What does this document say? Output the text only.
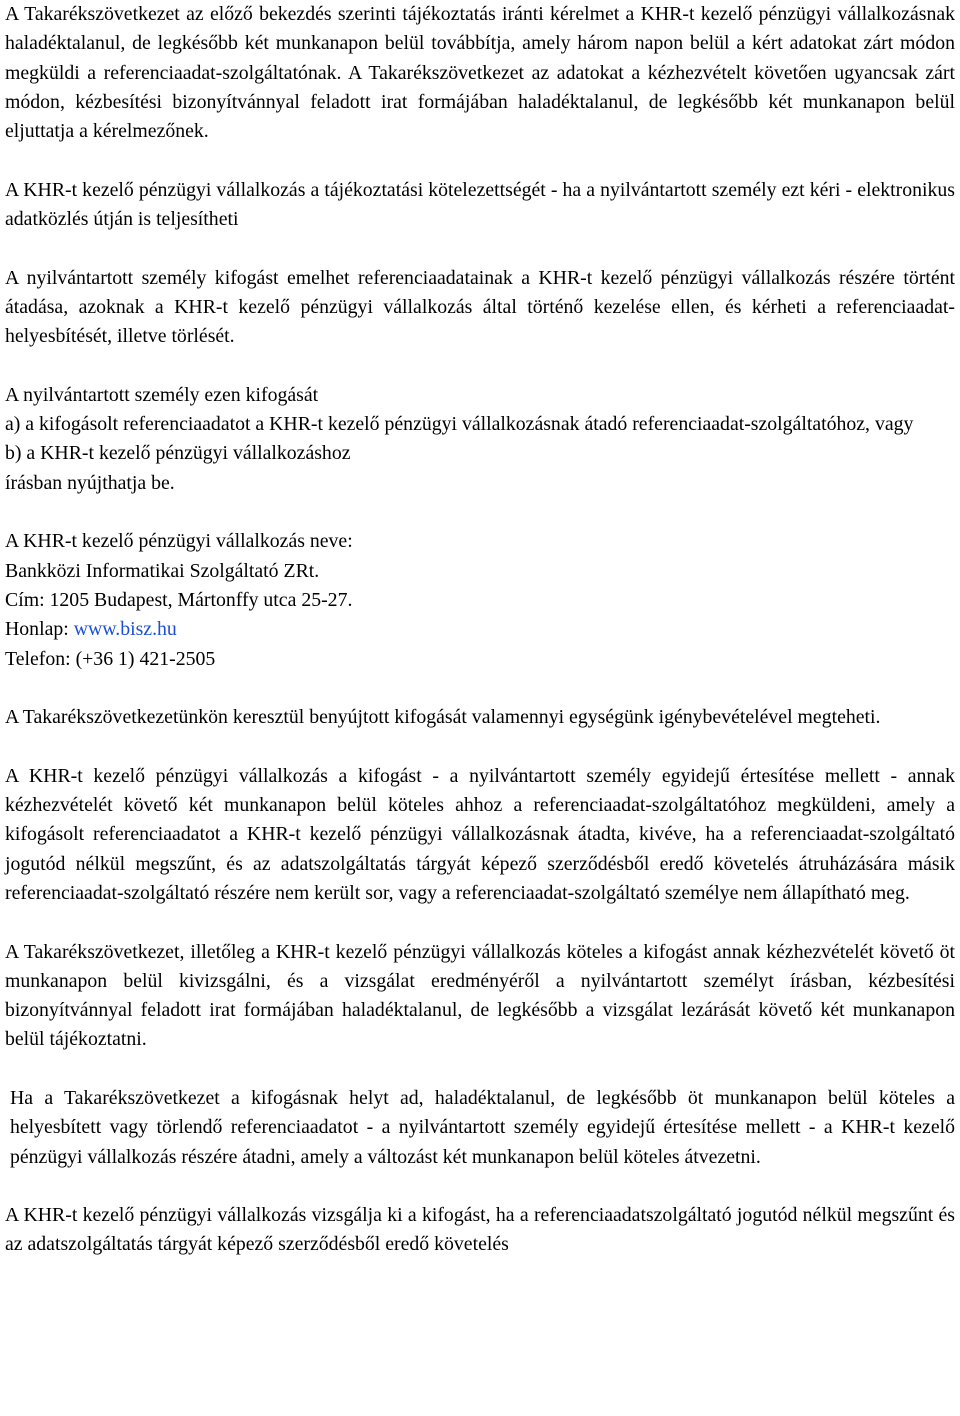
A Takarékszövetkezet az előző bekezdés szerinti tájékoztatás iránti kérelmet a KHR-t kezelő pénzügyi vállalkozásnak haladéktalanul, de legkésőbb két munkanapon belül továbbítja, amely három napon belül a kért adatokat zárt módon megküldi a referenciaadat-szolgáltatónak. A Takarékszövetkezet az adatokat a kézhezvételt követően ugyancsak zárt módon, kézbesítési bizonyítvánnyal feladott irat formájában haladéktalanul, de legkésőbb két munkanapon belül eljuttatja a kérelmezőnek.

A KHR-t kezelő pénzügyi vállalkozás a tájékoztatási kötelezettségét - ha a nyilvántartott személy ezt kéri - elektronikus adatközlés útján is teljesítheti

A nyilvántartott személy kifogást emelhet referenciaadatainak a KHR-t kezelő pénzügyi vállalkozás részére történt átadása, azoknak a KHR-t kezelő pénzügyi vállalkozás által történő kezelése ellen, és kérheti a referenciaadat-helyesbítését, illetve törlését.

A nyilvántartott személy ezen kifogását
a) a kifogásolt referenciaadatot a KHR-t kezelő pénzügyi vállalkozásnak átadó referenciaadat-szolgáltatóhoz, vagy
b) a KHR-t kezelő pénzügyi vállalkozáshoz
írásban nyújthatja be.
A KHR-t kezelő pénzügyi vállalkozás neve:
Bankközi Informatikai Szolgáltató ZRt.
Cím: 1205 Budapest, Mártonffy utca 25-27.
Honlap: www.bisz.hu
Telefon: (+36 1) 421-2505

A Takarékszövetkezetünkön keresztül benyújtott kifogását valamennyi egységünk igénybevételével megteheti.

A KHR-t kezelő pénzügyi vállalkozás a kifogást - a nyilvántartott személy egyidejű értesítése mellett - annak kézhezvételét követő két munkanapon belül köteles ahhoz a referenciaadat-szolgáltatóhoz megküldeni, amely a kifogásolt referenciaadatot a KHR-t kezelő pénzügyi vállalkozásnak átadta, kivéve, ha a referenciaadat-szolgáltató jogutód nélkül megszűnt, és az adatszolgáltatás tárgyát képező szerződésből eredő követelés átruházására másik referenciaadat-szolgáltató részére nem került sor, vagy a referenciaadat-szolgáltató személye nem állapítható meg.

A Takarékszövetkezet, illetőleg a KHR-t kezelő pénzügyi vállalkozás köteles a kifogást annak kézhezvételét követő öt munkanapon belül kivizsgálni, és a vizsgálat eredményéről a nyilvántartott személyt írásban, kézbesítési bizonyítvánnyal feladott irat formájában haladéktalanul, de legkésőbb a vizsgálat lezárását követő két munkanapon belül tájékoztatni.

Ha a Takarékszövetkezet a kifogásnak helyt ad, haladéktalanul, de legkésőbb öt munkanapon belül köteles a helyesbített vagy törlendő referenciaadatot - a nyilvántartott személy egyidejű értesítése mellett - a KHR-t kezelő pénzügyi vállalkozás részére átadni, amely a változást két munkanapon belül köteles átvezetni.

A KHR-t kezelő pénzügyi vállalkozás vizsgálja ki a kifogást, ha a referenciaadatszolgáltató jogutód nélkül megszűnt és az adatszolgáltatás tárgyát képező szerződésből eredő követelés
